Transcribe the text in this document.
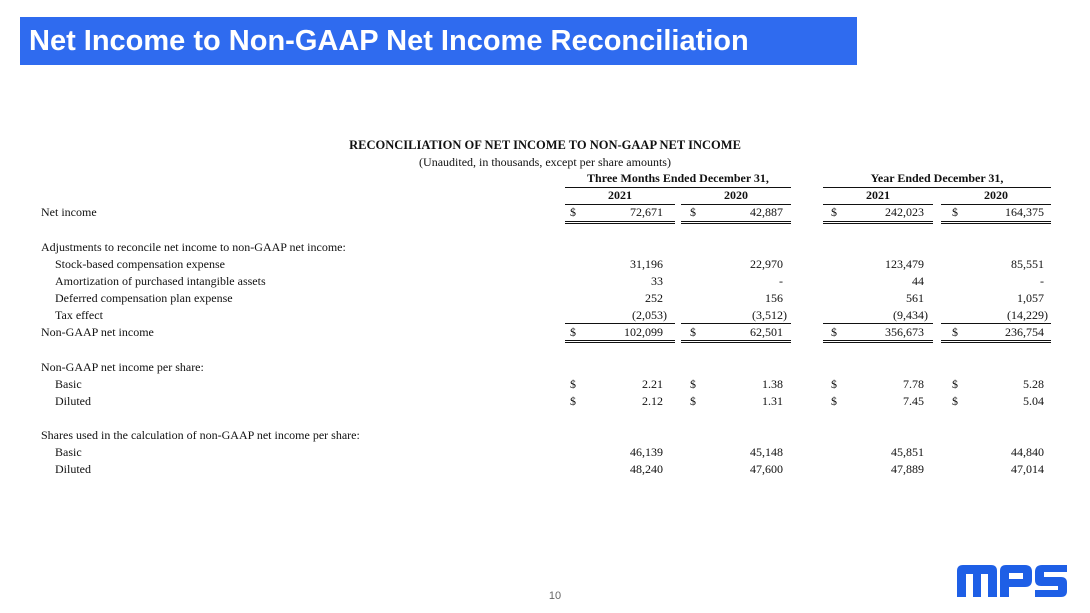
Net Income to Non-GAAP Net Income Reconciliation
RECONCILIATION OF NET INCOME TO NON-GAAP NET INCOME
(Unaudited, in thousands, except per share amounts)
Three Months Ended December 31,	Year Ended December 31,
2021	2020	2021	2020
Net income	$	72,671 $	42,887	$	242,023 $	164,375
Adjustments to reconcile net income to non-GAAP net income:
Stock-based compensation expense	31,196	22,970	123,479	85,551
Amortization of purchased intangible assets	33	-	44	-
Deferred compensation plan expense	252	156	561	1,057
Tax effect	(2,053)	(3,512)	(9,434)	(14,229)
Non-GAAP net income	$	102,099 $	62,501	$	356,673 $	236,754
Non-GAAP net income per share:
Basic	$	2.21 $	1.38	$	7.78 $	5.28
Diluted	$	2.12 $	1.31	$	7.45 $	5.04
Shares used in the calculation of non-GAAP net income per share:
Basic	46,139	45,148	45,851	44,840
Diluted	48,240	47,600	47,889	47,014
10
